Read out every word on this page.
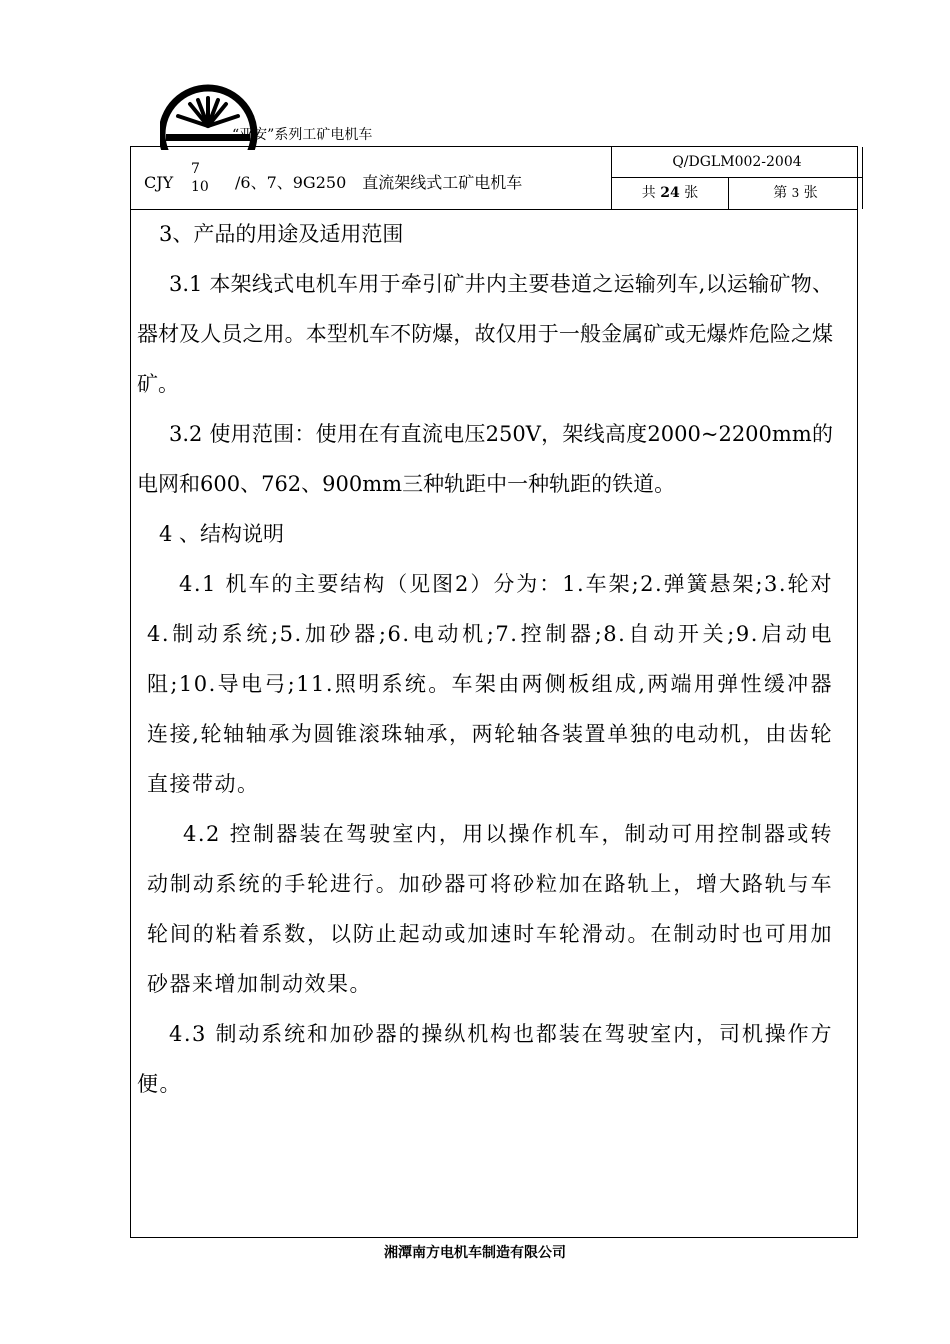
“亚安”系列工矿电机车
CJY
7
10 /6、7、9G250　直流架线式工矿电机车
Q/DGLM002-2004
共 24 张	第 3 张

3、产品的用途及适用范围

3.1 本架线式电机车用于牵引矿井内主要巷道之运输列车,以运输矿物、器材及人员之用。本型机车不防爆，故仅用于一般金属矿或无爆炸危险之煤矿。

3.2 使用范围：使用在有直流电压250V，架线高度2000~2200mm的电网和600、762、900mm三种轨距中一种轨距的铁道。

4 、结构说明

4.1 机车的主要结构（见图2）分为：1.车架;2.弹簧悬架;3.轮对 4.制动系统;5.加砂器;6.电动机;7.控制器;8.自动开关;9.启动电阻;10.导电弓;11.照明系统。车架由两侧板组成,两端用弹性缓冲器连接,轮轴轴承为圆锥滚珠轴承，两轮轴各装置单独的电动机，由齿轮直接带动。

4.2 控制器装在驾驶室内，用以操作机车，制动可用控制器或转动制动系统的手轮进行。加砂器可将砂粒加在路轨上，增大路轨与车轮间的粘着系数，以防止起动或加速时车轮滑动。在制动时也可用加砂器来增加制动效果。

4.3 制动系统和加砂器的操纵机构也都装在驾驶室内，司机操作方便。

湘潭南方电机车制造有限公司
